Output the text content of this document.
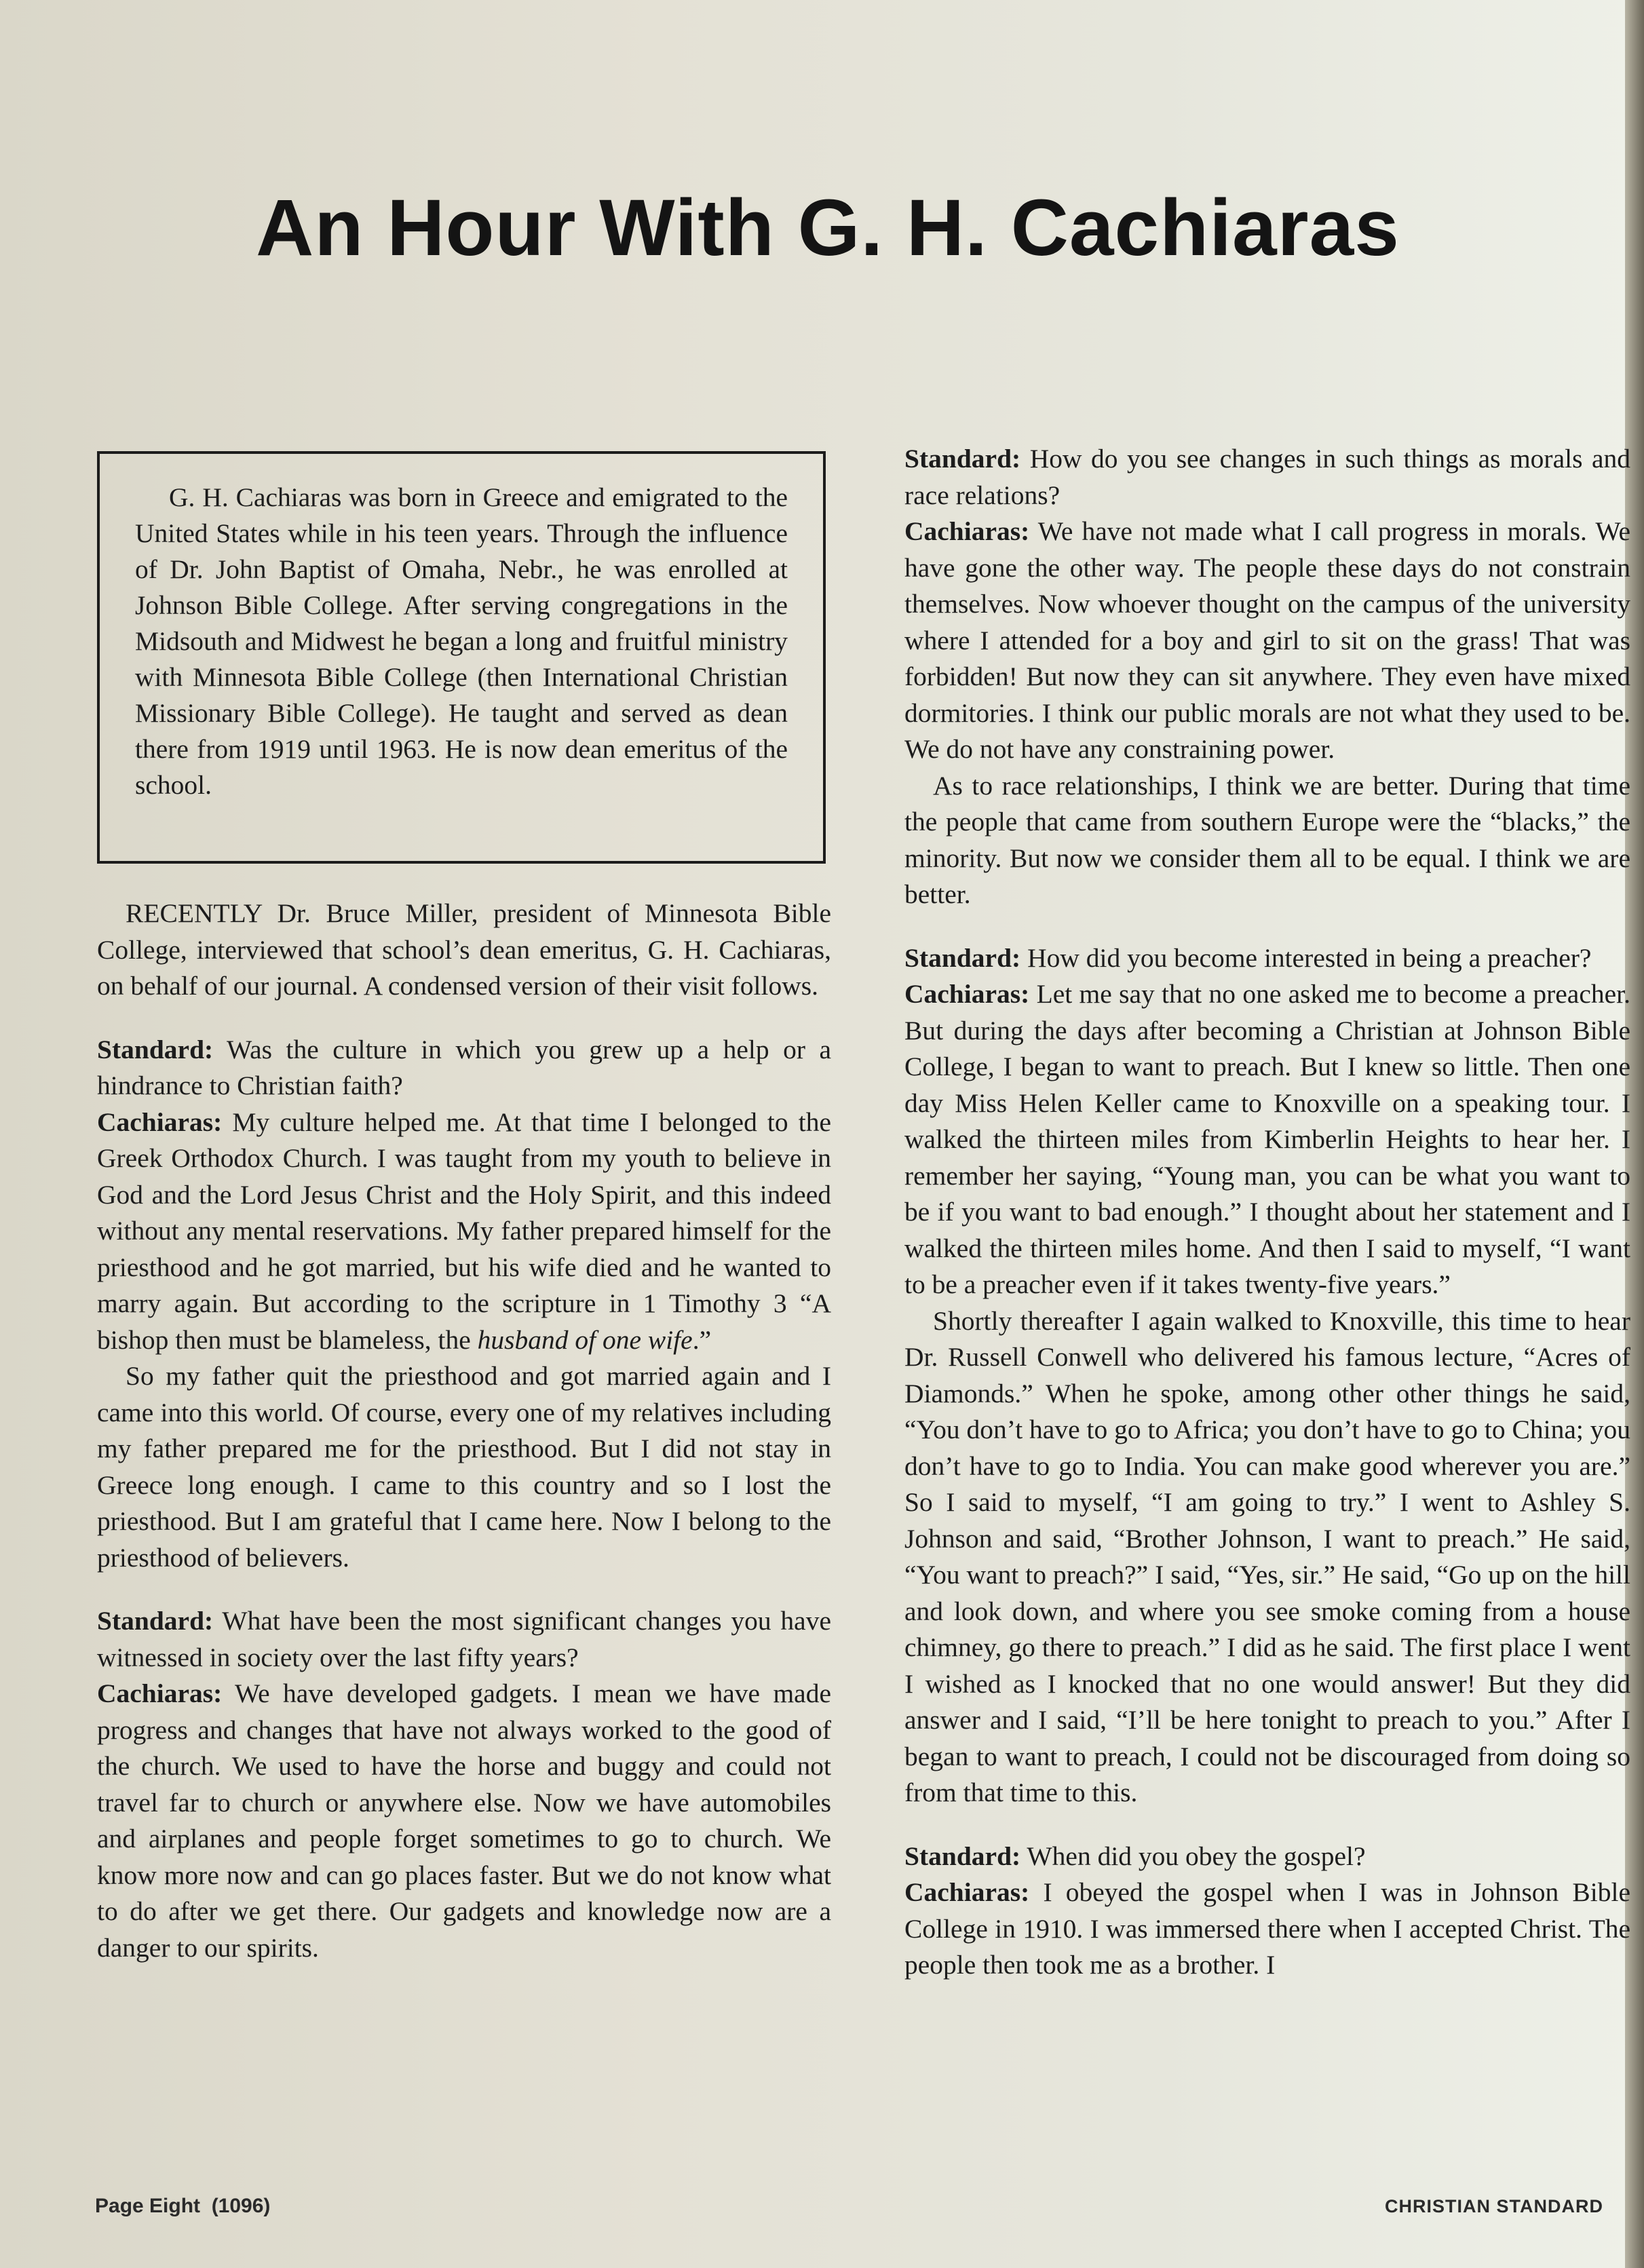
An Hour With G. H. Cachiaras

G. H. Cachiaras was born in Greece and emigrated to the United States while in his teen years. Through the influence of Dr. John Baptist of Omaha, Nebr., he was enrolled at Johnson Bible College. After serving congregations in the Midsouth and Midwest he began a long and fruitful ministry with Minnesota Bible College (then International Christian Missionary Bible College). He taught and served as dean there from 1919 until 1963. He is now dean emeritus of the school.

RECENTLY Dr. Bruce Miller, president of Minnesota Bible College, interviewed that school’s dean emeritus, G. H. Cachiaras, on behalf of our journal. A condensed version of their visit follows.

Standard: Was the culture in which you grew up a help or a hindrance to Christian faith?

Cachiaras: My culture helped me. At that time I belonged to the Greek Orthodox Church. I was taught from my youth to believe in God and the Lord Jesus Christ and the Holy Spirit, and this indeed without any mental reservations. My father prepared himself for the priesthood and he got married, but his wife died and he wanted to marry again. But according to the scripture in 1 Timothy 3 “A bishop then must be blameless, the husband of one wife.”

So my father quit the priesthood and got married again and I came into this world. Of course, every one of my relatives including my father prepared me for the priesthood. But I did not stay in Greece long enough. I came to this country and so I lost the priesthood. But I am grateful that I came here. Now I belong to the priesthood of believers.

Standard: What have been the most significant changes you have witnessed in society over the last fifty years?

Cachiaras: We have developed gadgets. I mean we have made progress and changes that have not always worked to the good of the church. We used to have the horse and buggy and could not travel far to church or anywhere else. Now we have automobiles and airplanes and people forget sometimes to go to church. We know more now and can go places faster. But we do not know what to do after we get there. Our gadgets and knowledge now are a danger to our spirits.

Standard: How do you see changes in such things as morals and race relations?

Cachiaras: We have not made what I call progress in morals. We have gone the other way. The people these days do not constrain themselves. Now whoever thought on the campus of the university where I attended for a boy and girl to sit on the grass! That was forbidden! But now they can sit anywhere. They even have mixed dormitories. I think our public morals are not what they used to be. We do not have any constraining power.

As to race relationships, I think we are better. During that time the people that came from southern Europe were the “blacks,” the minority. But now we consider them all to be equal. I think we are better.

Standard: How did you become interested in being a preacher?

Cachiaras: Let me say that no one asked me to become a preacher. But during the days after becoming a Christian at Johnson Bible College, I began to want to preach. But I knew so little. Then one day Miss Helen Keller came to Knoxville on a speaking tour. I walked the thirteen miles from Kimberlin Heights to hear her. I remember her saying, “Young man, you can be what you want to be if you want to bad enough.” I thought about her statement and I walked the thirteen miles home. And then I said to myself, “I want to be a preacher even if it takes twenty-five years.”

Shortly thereafter I again walked to Knoxville, this time to hear Dr. Russell Conwell who delivered his famous lecture, “Acres of Diamonds.” When he spoke, among other other things he said, “You don’t have to go to Africa; you don’t have to go to China; you don’t have to go to India. You can make good wherever you are.” So I said to myself, “I am going to try.” I went to Ashley S. Johnson and said, “Brother Johnson, I want to preach.” He said, “You want to preach?” I said, “Yes, sir.” He said, “Go up on the hill and look down, and where you see smoke coming from a house chimney, go there to preach.” I did as he said. The first place I went I wished as I knocked that no one would answer! But they did answer and I said, “I’ll be here tonight to preach to you.” After I began to want to preach, I could not be discouraged from doing so from that time to this.

Standard: When did you obey the gospel?

Cachiaras: I obeyed the gospel when I was in Johnson Bible College in 1910. I was immersed there when I accepted Christ. The people then took me as a brother. I

Page Eight  (1096)	CHRISTIAN STANDARD
